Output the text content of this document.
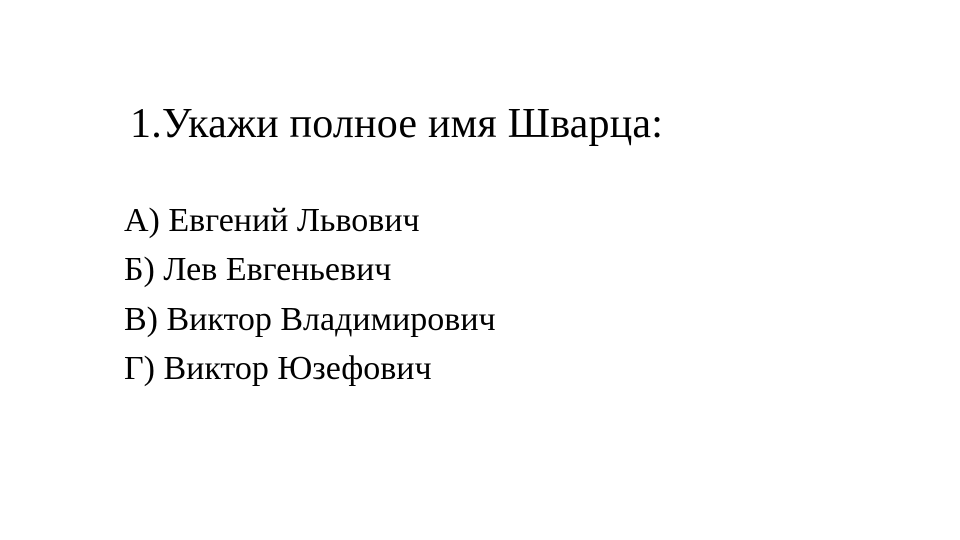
1.Укажи полное имя Шварца:
А) Евгений Львович
Б) Лев Евгеньевич
В) Виктор Владимирович
Г) Виктор Юзефович
